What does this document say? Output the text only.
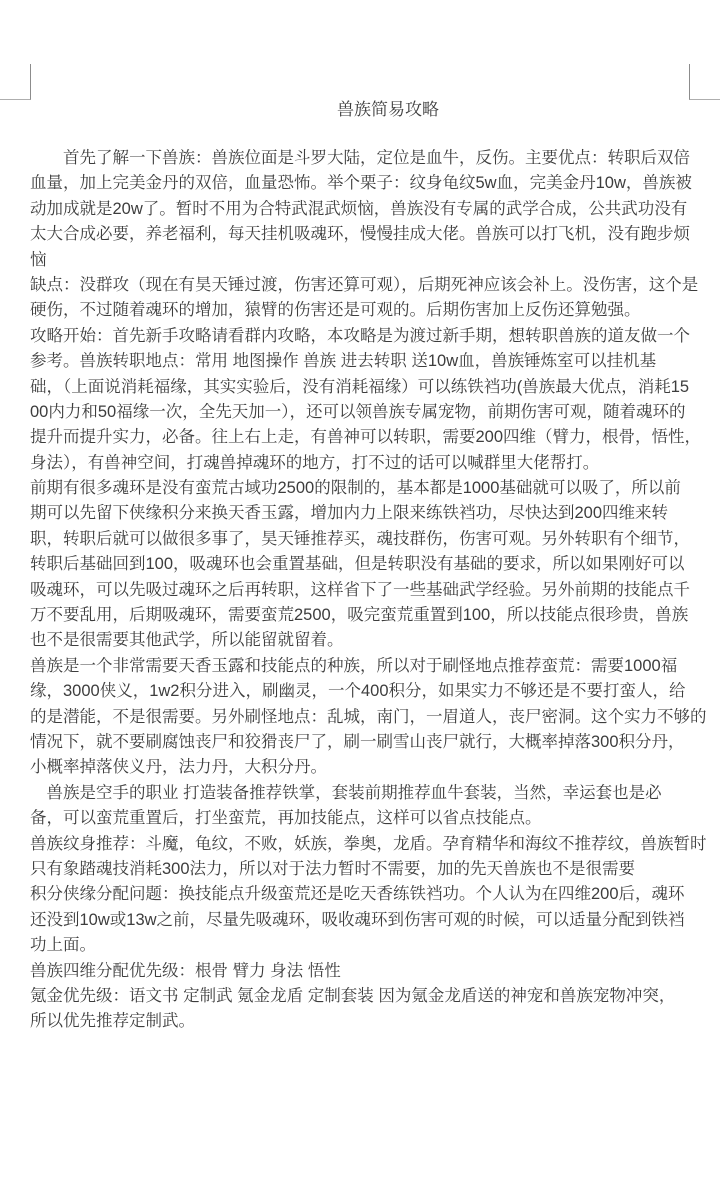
兽族简易攻略
　　首先了解一下兽族：兽族位面是斗罗大陆，定位是血牛，反伤。主要优点：转职后双倍
血量，加上完美金丹的双倍，血量恐怖。举个栗子：纹身龟纹5w血，完美金丹10w，兽族被
动加成就是20w了。暂时不用为合特武混武烦恼，兽族没有专属的武学合成，公共武功没有
太大合成必要，养老福利，每天挂机吸魂环，慢慢挂成大佬。兽族可以打飞机，没有跑步烦
恼
缺点：没群攻（现在有昊天锤过渡，伤害还算可观），后期死神应该会补上。没伤害，这个是
硬伤，不过随着魂环的增加，猿臂的伤害还是可观的。后期伤害加上反伤还算勉强。
攻略开始：首先新手攻略请看群内攻略，本攻略是为渡过新手期，想转职兽族的道友做一个
参考。兽族转职地点：常用 地图操作 兽族 进去转职 送10w血，兽族锤炼室可以挂机基
础，（上面说消耗福缘，其实实验后，没有消耗福缘）可以练铁裆功(兽族最大优点，消耗15
00内力和50福缘一次，全先天加一），还可以领兽族专属宠物，前期伤害可观，随着魂环的
提升而提升实力，必备。往上右上走，有兽神可以转职，需要200四维（臂力，根骨，悟性，
身法），有兽神空间，打魂兽掉魂环的地方，打不过的话可以喊群里大佬帮打。
前期有很多魂环是没有蛮荒古域功2500的限制的，基本都是1000基础就可以吸了，所以前
期可以先留下侠缘积分来换天香玉露，增加内力上限来练铁裆功，尽快达到200四维来转
职，转职后就可以做很多事了，昊天锤推荐买，魂技群伤，伤害可观。另外转职有个细节，
转职后基础回到100，吸魂环也会重置基础，但是转职没有基础的要求，所以如果刚好可以
吸魂环，可以先吸过魂环之后再转职，这样省下了一些基础武学经验。另外前期的技能点千
万不要乱用，后期吸魂环，需要蛮荒2500，吸完蛮荒重置到100，所以技能点很珍贵，兽族
也不是很需要其他武学，所以能留就留着。
兽族是一个非常需要天香玉露和技能点的种族，所以对于刷怪地点推荐蛮荒：需要1000福
缘，3000侠义，1w2积分进入，刷幽灵，一个400积分，如果实力不够还是不要打蛮人，给
的是潜能，不是很需要。另外刷怪地点：乱城，南门，一眉道人，丧尸密洞。这个实力不够的
情况下，就不要刷腐蚀丧尸和狡猾丧尸了，刷一刷雪山丧尸就行，大概率掉落300积分丹，
小概率掉落侠义丹，法力丹，大积分丹。
　兽族是空手的职业 打造装备推荐铁掌，套装前期推荐血牛套装，当然，幸运套也是必
备，可以蛮荒重置后，打坐蛮荒，再加技能点，这样可以省点技能点。
兽族纹身推荐：斗魔，龟纹，不败，妖族，拳奥，龙盾。孕育精华和海纹不推荐纹，兽族暂时
只有象踏魂技消耗300法力，所以对于法力暂时不需要，加的先天兽族也不是很需要
积分侠缘分配问题：换技能点升级蛮荒还是吃天香练铁裆功。个人认为在四维200后，魂环
还没到10w或13w之前，尽量先吸魂环，吸收魂环到伤害可观的时候，可以适量分配到铁裆
功上面。
兽族四维分配优先级：根骨 臂力 身法 悟性
氪金优先级：语文书 定制武 氪金龙盾 定制套装 因为氪金龙盾送的神宠和兽族宠物冲突，
所以优先推荐定制武。
